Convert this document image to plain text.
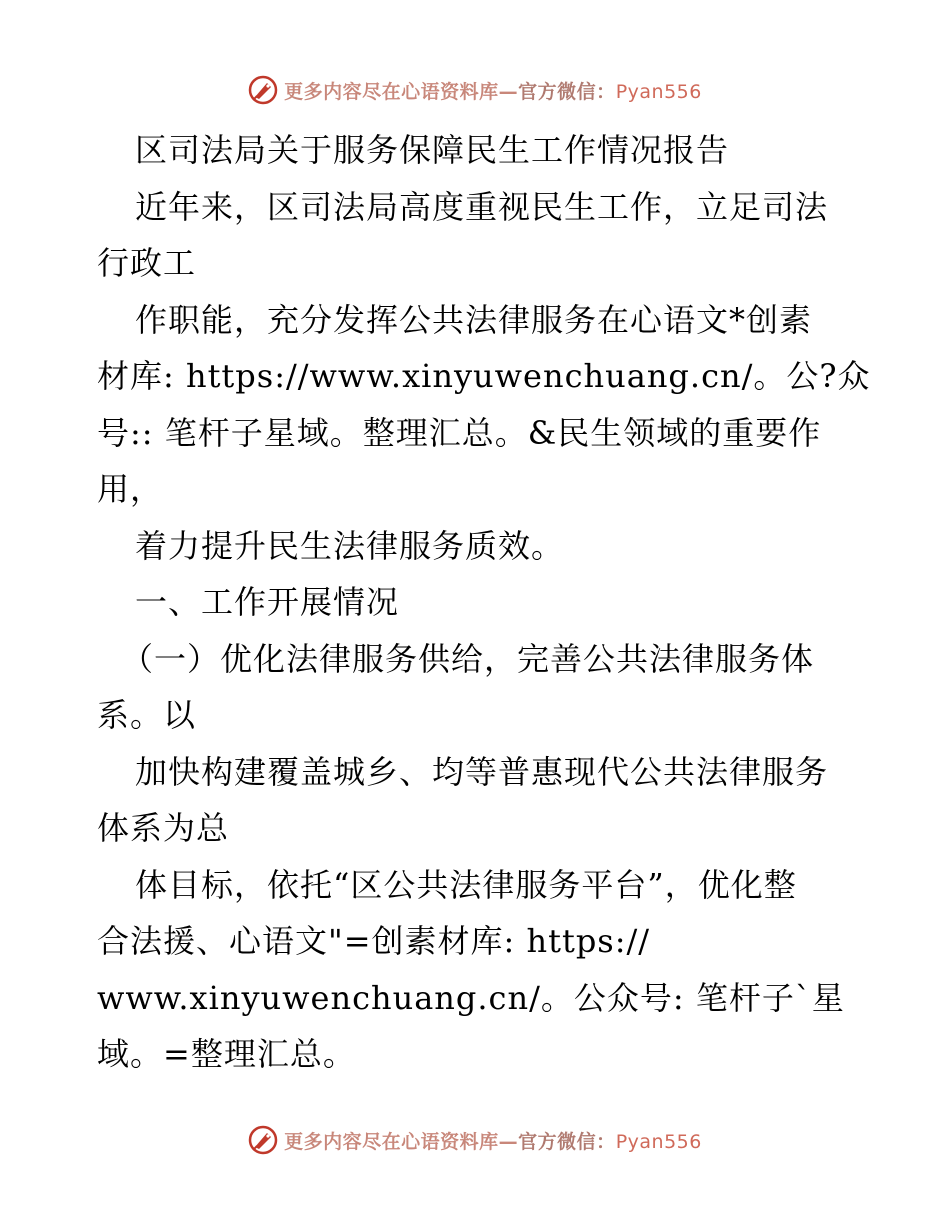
更多内容尽在心语资料库—官方微信：Pyan556
区司法局关于服务保障民生工作情况报告
近年来，区司法局高度重视民生工作，立足司法
行政工
作职能，充分发挥公共法律服务在心语文*创素
材库: https://www.xinyuwenchuang.cn/。公?众
号:: 笔杆子星域。整理汇总。&民生领域的重要作
用，
着力提升民生法律服务质效。
一、工作开展情况
（一）优化法律服务供给，完善公共法律服务体
系。以
加快构建覆盖城乡、均等普惠现代公共法律服务
体系为总
体目标，依托“区公共法律服务平台”，优化整
合法援、心语文"=创素材库: https://
www.xinyuwenchuang.cn/。公众号: 笔杆子`星
域。=整理汇总。
更多内容尽在心语资料库—官方微信：Pyan556
